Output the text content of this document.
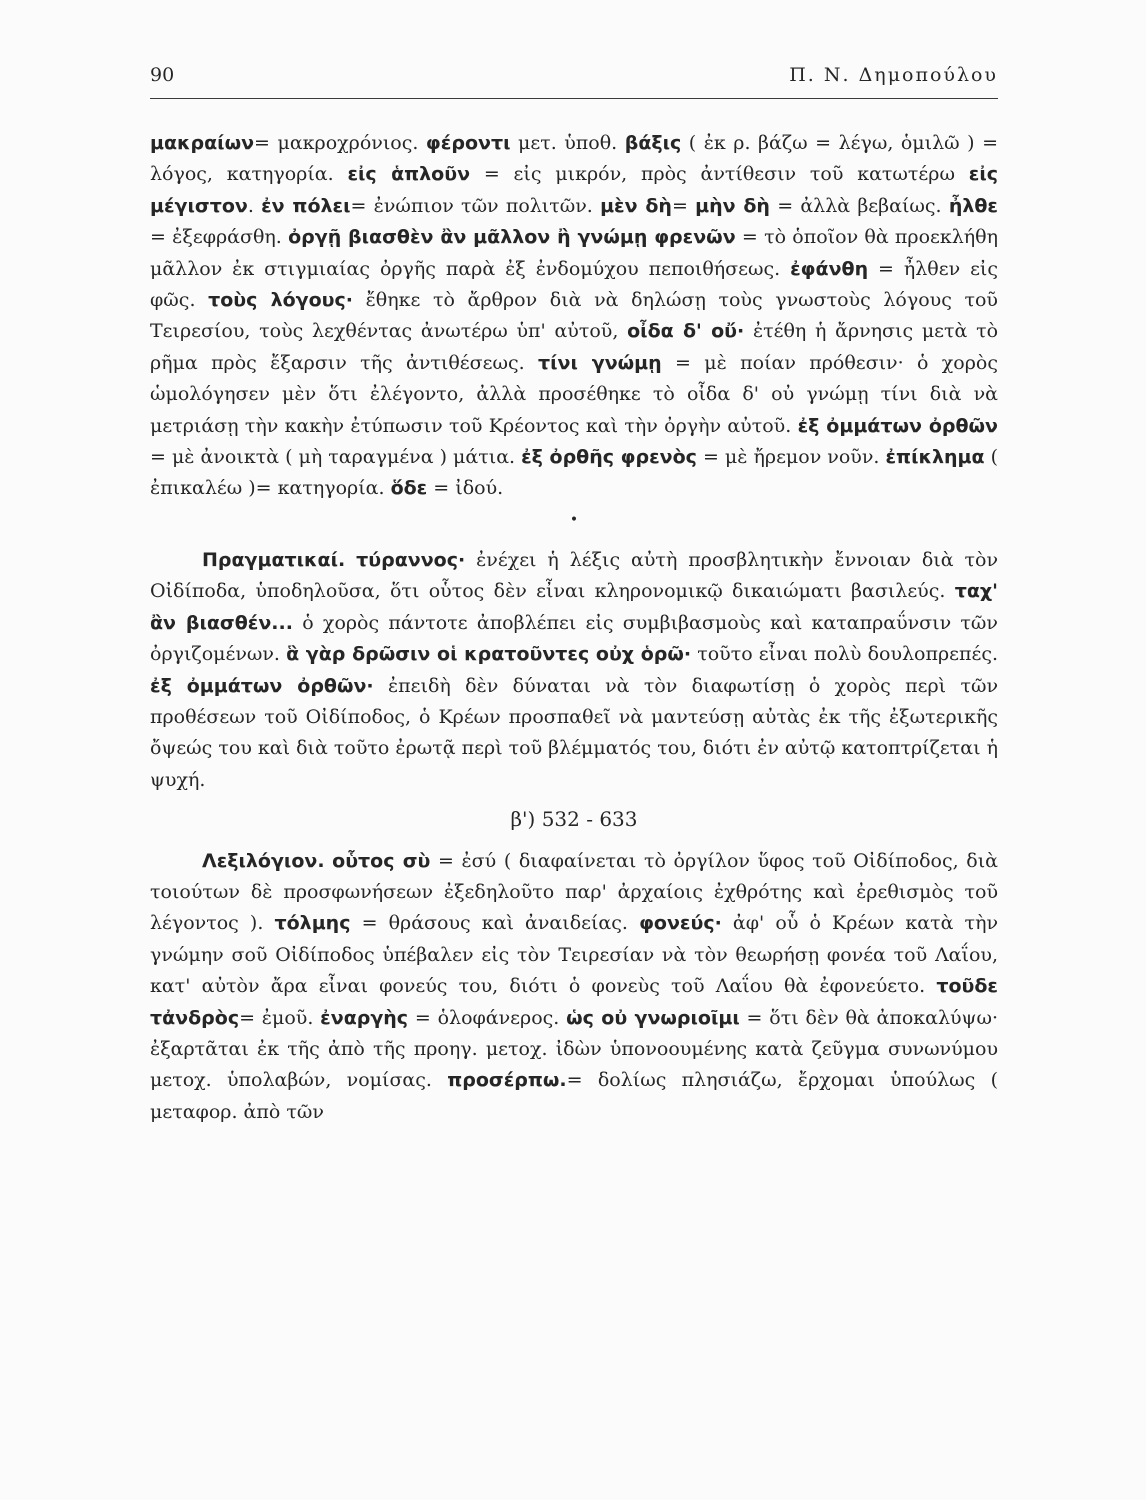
90	Π. Ν. Δημοπούλου

μακραίων= μακροχρόνιος. φέροντι μετ. ὑποθ. βάξις ( ἐκ ρ. βάζω = λέγω, ὁμιλῶ ) = λόγος, κατηγορία. εἰς ἁπλοῦν = εἰς μικρόν, πρὸς ἀντίθεσιν τοῦ κατωτέρω εἰς μέγιστον. ἐν πόλει= ἐνώπιον τῶν πολιτῶν. μὲν δὴ= μὴν δὴ = ἀλλὰ βεβαίως. ἦλθε = ἐξεφράσθη. ὀργῇ βιασθὲν ἂν μᾶλλον ἢ γνώμῃ φρενῶν = τὸ ὁποῖον θὰ προεκλήθη μᾶλλον ἐκ στιγμιαίας ὀργῆς παρὰ ἐξ ἐνδομύχου πεποιθήσεως. ἐφάνθη = ἦλθεν εἰς φῶς. τοὺς λόγους· ἔθηκε τὸ ἄρθρον διὰ νὰ δηλώσῃ τοὺς γνωστοὺς λόγους τοῦ Τειρεσίου, τοὺς λεχθέντας ἀνωτέρω ὑπ' αὐτοῦ, οἶδα δ' οὔ· ἐτέθη ἡ ἄρνησις μετὰ τὸ ρῆμα πρὸς ἔξαρσιν τῆς ἀντιθέσεως. τίνι γνώμῃ = μὲ ποίαν πρόθεσιν· ὁ χορὸς ὡμολόγησεν μὲν ὅτι ἐλέγοντο, ἀλλὰ προσέθηκε τὸ οἶδα δ' οὐ γνώμῃ τίνι διὰ νὰ μετριάσῃ τὴν κακὴν ἐτύπωσιν τοῦ Κρέοντος καὶ τὴν ὀργὴν αὐτοῦ. ἐξ ὀμμάτων ὀρθῶν = μὲ ἀνοικτὰ ( μὴ ταραγμένα ) μάτια. ἐξ ὀρθῆς φρενὸς = μὲ ἤρεμον νοῦν. ἐπίκλημα ( ἐπικαλέω )= κατηγορία. ὅδε = ἰδού.

•

Πραγματικαί. τύραννος· ἐνέχει ἡ λέξις αὐτὴ προσβλητικὴν ἔννοιαν διὰ τὸν Οἰδίποδα, ὑποδηλοῦσα, ὅτι οὗτος δὲν εἶναι κληρονομικῷ δικαιώματι βασιλεύς. ταχ' ἂν βιασθέν... ὁ χορὸς πάντοτε ἀποβλέπει εἰς συμβιβασμοὺς καὶ καταπραΰνσιν τῶν ὀργιζομένων. ἃ γὰρ δρῶσιν οἱ κρατοῦντες οὐχ ὁρῶ· τοῦτο εἶναι πολὺ δουλοπρεπές. ἐξ ὀμμάτων ὀρθῶν· ἐπειδὴ δὲν δύναται νὰ τὸν διαφωτίσῃ ὁ χορὸς περὶ τῶν προθέσεων τοῦ Οἰδίποδος, ὁ Κρέων προσπαθεῖ νὰ μαντεύσῃ αὐτὰς ἐκ τῆς ἐξωτερικῆς ὄψεώς του καὶ διὰ τοῦτο ἐρωτᾷ περὶ τοῦ βλέμματός του, διότι ἐν αὐτῷ κατοπτρίζεται ἡ ψυχή.

β') 532 - 633

Λεξιλόγιον. οὗτος σὺ = ἐσύ ( διαφαίνεται τὸ ὀργίλον ὕφος τοῦ Οἰδίποδος, διὰ τοιούτων δὲ προσφωνήσεων ἐξεδηλοῦτο παρ' ἀρχαίοις ἐχθρότης καὶ ἐρεθισμὸς τοῦ λέγοντος ). τόλμης = θράσους καὶ ἀναιδείας. φονεύς· ἀφ' οὗ ὁ Κρέων κατὰ τὴν γνώμην σοῦ Οἰδίποδος ὑπέβαλεν εἰς τὸν Τειρεσίαν νὰ τὸν θεωρήσῃ φονέα τοῦ Λαΐου, κατ' αὐτὸν ἄρα εἶναι φονεύς του, διότι ὁ φονεὺς τοῦ Λαΐου θὰ ἐφονεύετο. τοῦδε τἀνδρὸς= ἐμοῦ. ἐναργὴς = ὁλοφάνερος. ὡς οὐ γνωριοῖμι = ὅτι δὲν θὰ ἀποκαλύψω· ἐξαρτᾶται ἐκ τῆς ἀπὸ τῆς προηγ. μετοχ. ἰδὼν ὑπονοουμένης κατὰ ζεῦγμα συνωνύμου μετοχ. ὑπολαβών, νομίσας. προσέρπω.= δολίως πλησιάζω, ἔρχομαι ὑπούλως ( μεταφορ. ἀπὸ τῶν
